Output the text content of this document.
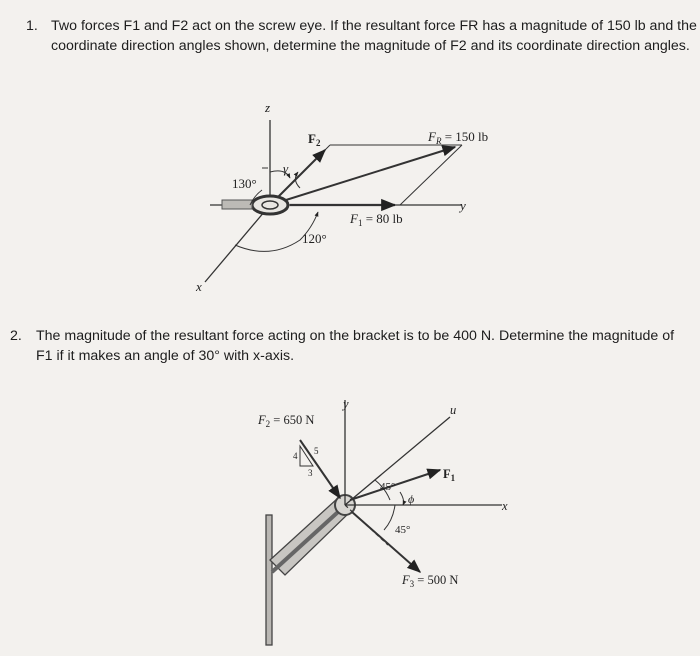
1. Two forces F1 and F2 act on the screw eye. If the resultant force FR has a magnitude of 150 lb and the coordinate direction angles shown, determine the magnitude of F2 and its coordinate direction angles.
2. The magnitude of the resultant force acting on the bracket is to be 400 N. Determine the magnitude of F1 if it makes an angle of 30° with x-axis.
z
y
x
γ
$F_2$	$F_R = 150$ lb
$F_1 = 80$ lb
130°
120°
$F_2 = 650$ N
y	u
x
$F_1$
$F_3 = 500$ N
45°
45°
ϕ
4 5
3
